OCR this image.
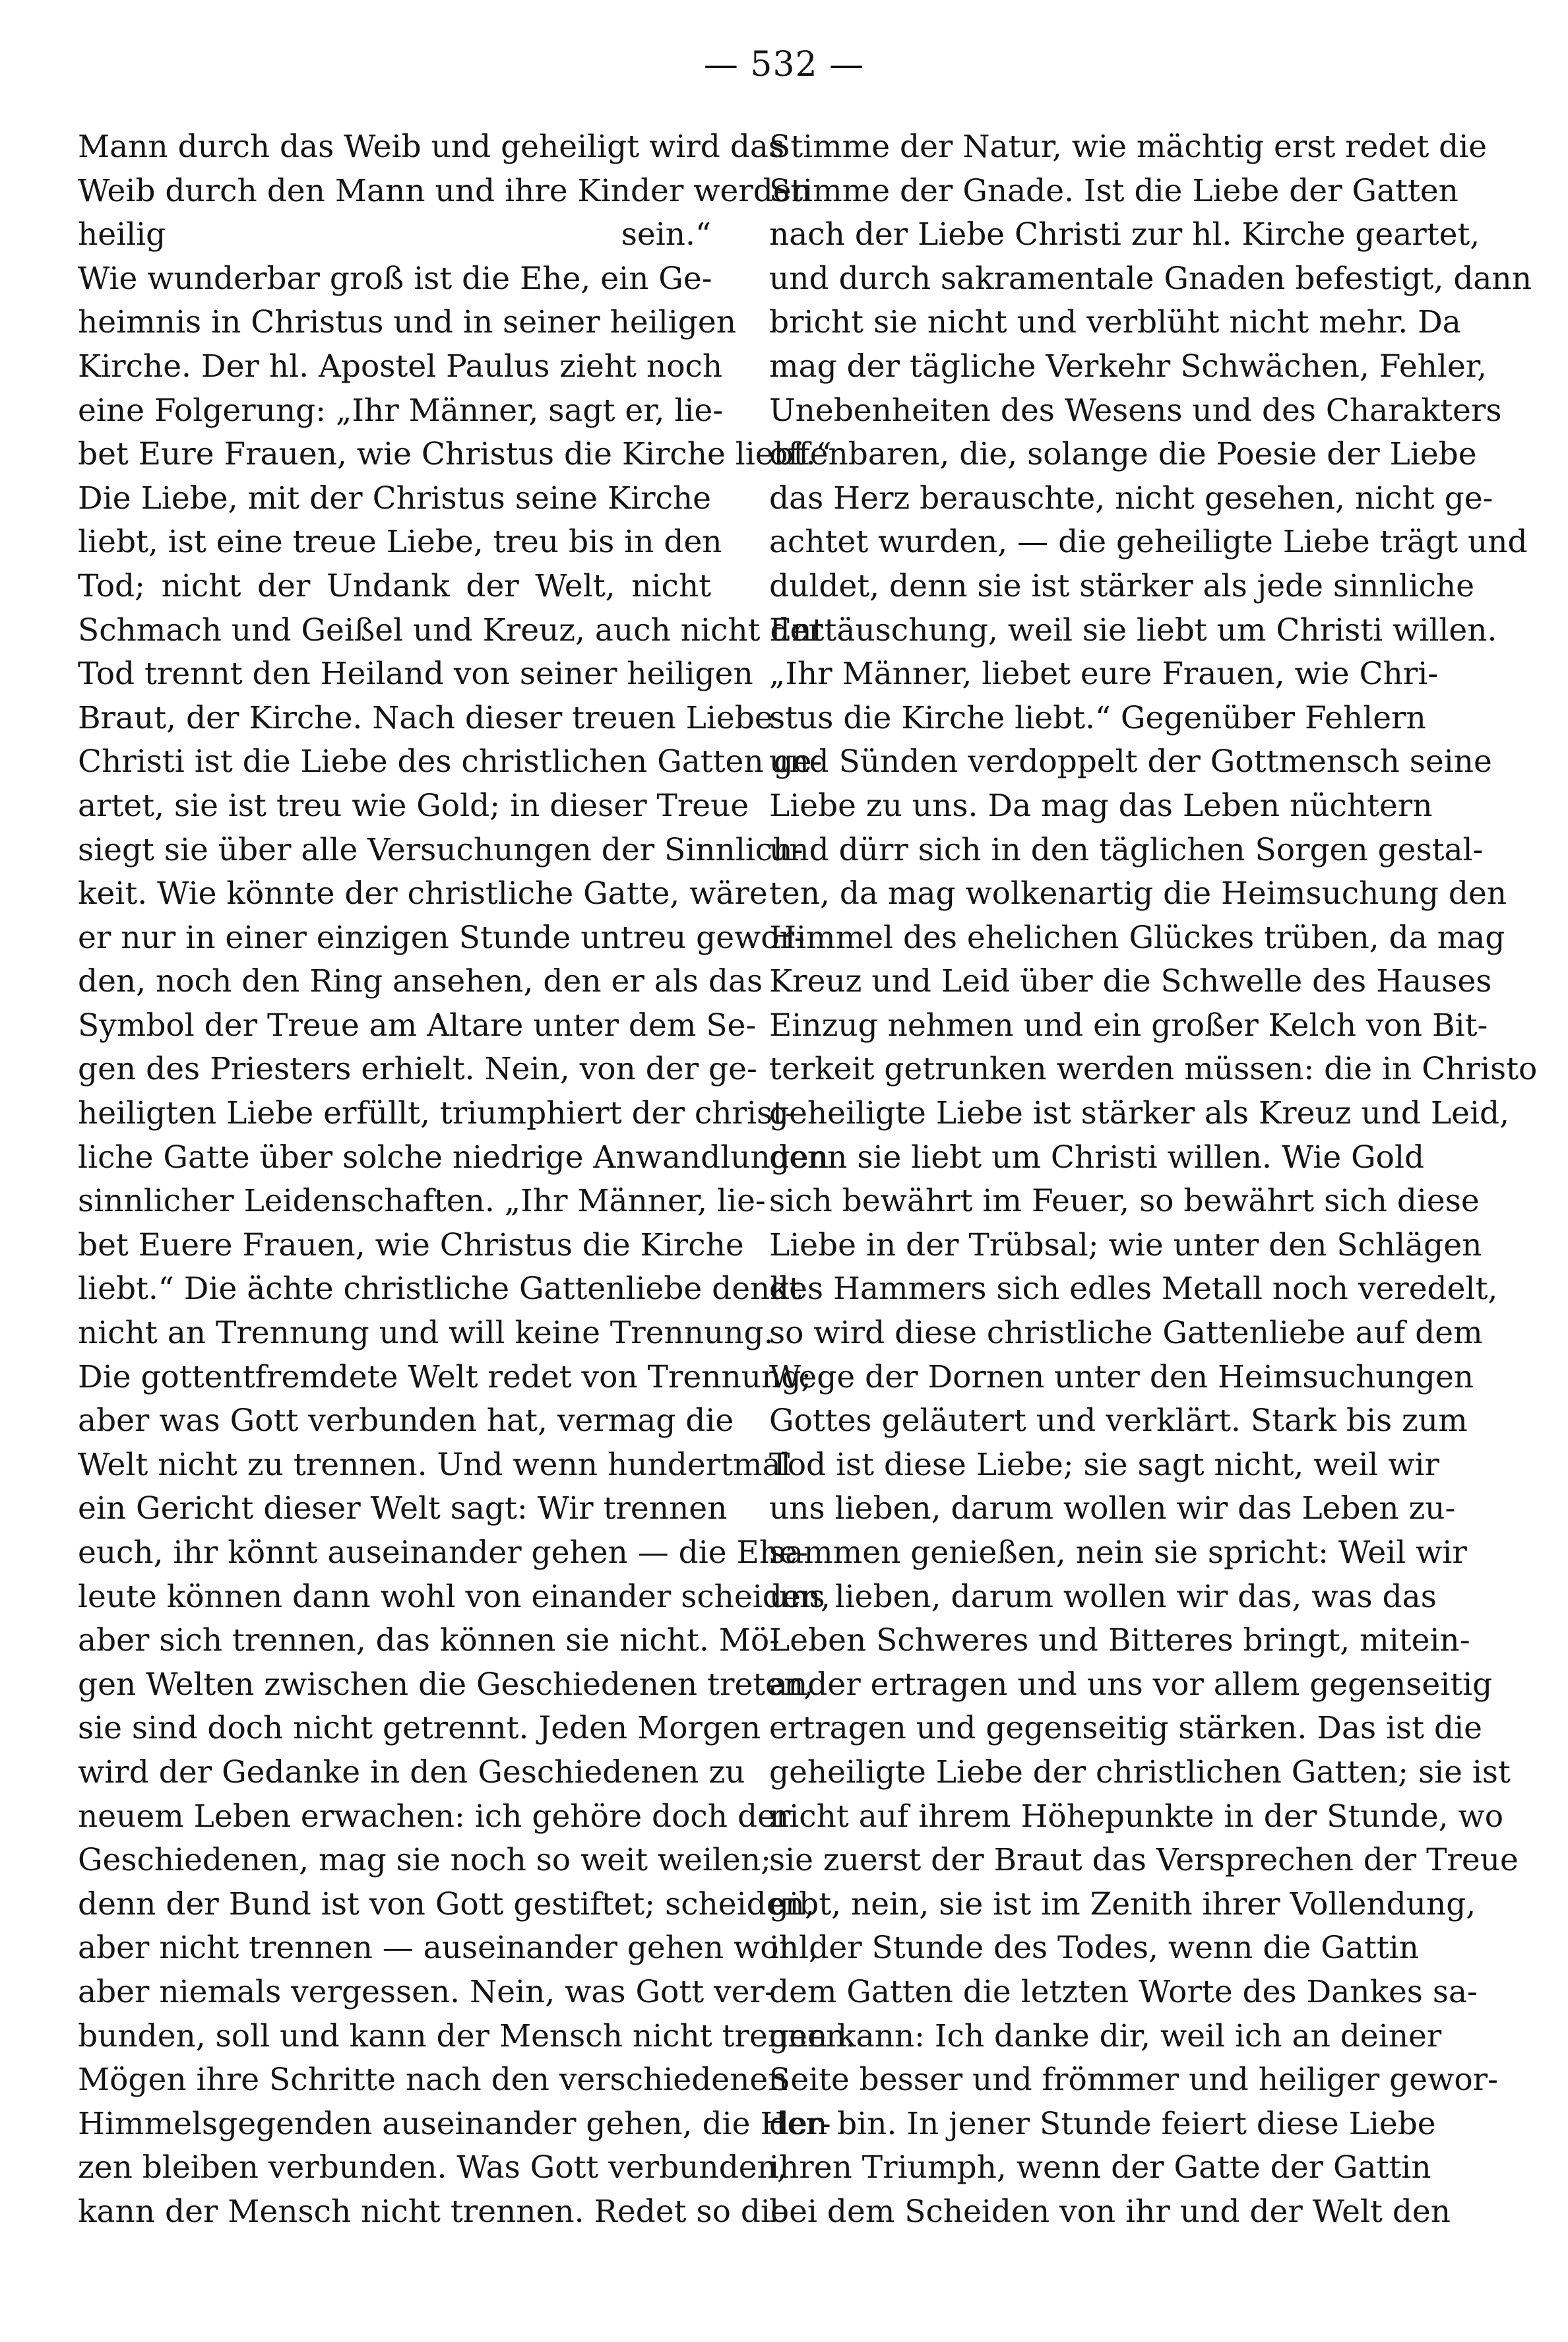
— 532 —
Mann durch das Weib und geheiligt wird das
Weib durch den Mann und ihre Kinder werden
heilig sein.“
Wie wunderbar groß ist die Ehe, ein Ge-
heimnis in Christus und in seiner heiligen
Kirche. Der hl. Apostel Paulus zieht noch
eine Folgerung: „Ihr Männer, sagt er, lie-
bet Eure Frauen, wie Christus die Kirche liebt.“
Die Liebe, mit der Christus seine Kirche
liebt, ist eine treue Liebe, treu bis in den
Tod; nicht der Undank der Welt, nicht
Schmach und Geißel und Kreuz, auch nicht der
Tod trennt den Heiland von seiner heiligen
Braut, der Kirche. Nach dieser treuen Liebe
Christi ist die Liebe des christlichen Gatten ge-
artet, sie ist treu wie Gold; in dieser Treue
siegt sie über alle Versuchungen der Sinnlich-
keit. Wie könnte der christliche Gatte, wäre
er nur in einer einzigen Stunde untreu gewor-
den, noch den Ring ansehen, den er als das
Symbol der Treue am Altare unter dem Se-
gen des Priesters erhielt. Nein, von der ge-
heiligten Liebe erfüllt, triumphiert der christ-
liche Gatte über solche niedrige Anwandlungen
sinnlicher Leidenschaften. „Ihr Männer, lie-
bet Euere Frauen, wie Christus die Kirche
liebt.“ Die ächte christliche Gattenliebe denkt
nicht an Trennung und will keine Trennung.
Die gottentfremdete Welt redet von Trennung;
aber was Gott verbunden hat, vermag die
Welt nicht zu trennen. Und wenn hundertmal
ein Gericht dieser Welt sagt: Wir trennen
euch, ihr könnt auseinander gehen — die Ehe-
leute können dann wohl von einander scheiden,
aber sich trennen, das können sie nicht. Mö-
gen Welten zwischen die Geschiedenen treten,
sie sind doch nicht getrennt. Jeden Morgen
wird der Gedanke in den Geschiedenen zu
neuem Leben erwachen: ich gehöre doch der
Geschiedenen, mag sie noch so weit weilen;
denn der Bund ist von Gott gestiftet; scheiden,
aber nicht trennen — auseinander gehen wohl,
aber niemals vergessen. Nein, was Gott ver-
bunden, soll und kann der Mensch nicht trennen.
Mögen ihre Schritte nach den verschiedenen
Himmelsgegenden auseinander gehen, die Her-
zen bleiben verbunden. Was Gott verbunden,
kann der Mensch nicht trennen. Redet so die
Stimme der Natur, wie mächtig erst redet die
Stimme der Gnade. Ist die Liebe der Gatten
nach der Liebe Christi zur hl. Kirche geartet,
und durch sakramentale Gnaden befestigt, dann
bricht sie nicht und verblüht nicht mehr. Da
mag der tägliche Verkehr Schwächen, Fehler,
Unebenheiten des Wesens und des Charakters
offenbaren, die, solange die Poesie der Liebe
das Herz berauschte, nicht gesehen, nicht ge-
achtet wurden, — die geheiligte Liebe trägt und
duldet, denn sie ist stärker als jede sinnliche
Enttäuschung, weil sie liebt um Christi willen.
„Ihr Männer, liebet eure Frauen, wie Chri-
stus die Kirche liebt.“ Gegenüber Fehlern
und Sünden verdoppelt der Gottmensch seine
Liebe zu uns. Da mag das Leben nüchtern
und dürr sich in den täglichen Sorgen gestal-
ten, da mag wolkenartig die Heimsuchung den
Himmel des ehelichen Glückes trüben, da mag
Kreuz und Leid über die Schwelle des Hauses
Einzug nehmen und ein großer Kelch von Bit-
terkeit getrunken werden müssen: die in Christo
geheiligte Liebe ist stärker als Kreuz und Leid,
denn sie liebt um Christi willen. Wie Gold
sich bewährt im Feuer, so bewährt sich diese
Liebe in der Trübsal; wie unter den Schlägen
des Hammers sich edles Metall noch veredelt,
so wird diese christliche Gattenliebe auf dem
Wege der Dornen unter den Heimsuchungen
Gottes geläutert und verklärt. Stark bis zum
Tod ist diese Liebe; sie sagt nicht, weil wir
uns lieben, darum wollen wir das Leben zu-
sammen genießen, nein sie spricht: Weil wir
uns lieben, darum wollen wir das, was das
Leben Schweres und Bitteres bringt, mitein-
ander ertragen und uns vor allem gegenseitig
ertragen und gegenseitig stärken. Das ist die
geheiligte Liebe der christlichen Gatten; sie ist
nicht auf ihrem Höhepunkte in der Stunde, wo
sie zuerst der Braut das Versprechen der Treue
gibt, nein, sie ist im Zenith ihrer Vollendung,
in der Stunde des Todes, wenn die Gattin
dem Gatten die letzten Worte des Dankes sa-
gen kann: Ich danke dir, weil ich an deiner
Seite besser und frömmer und heiliger gewor-
den bin. In jener Stunde feiert diese Liebe
ihren Triumph, wenn der Gatte der Gattin
bei dem Scheiden von ihr und der Welt den
